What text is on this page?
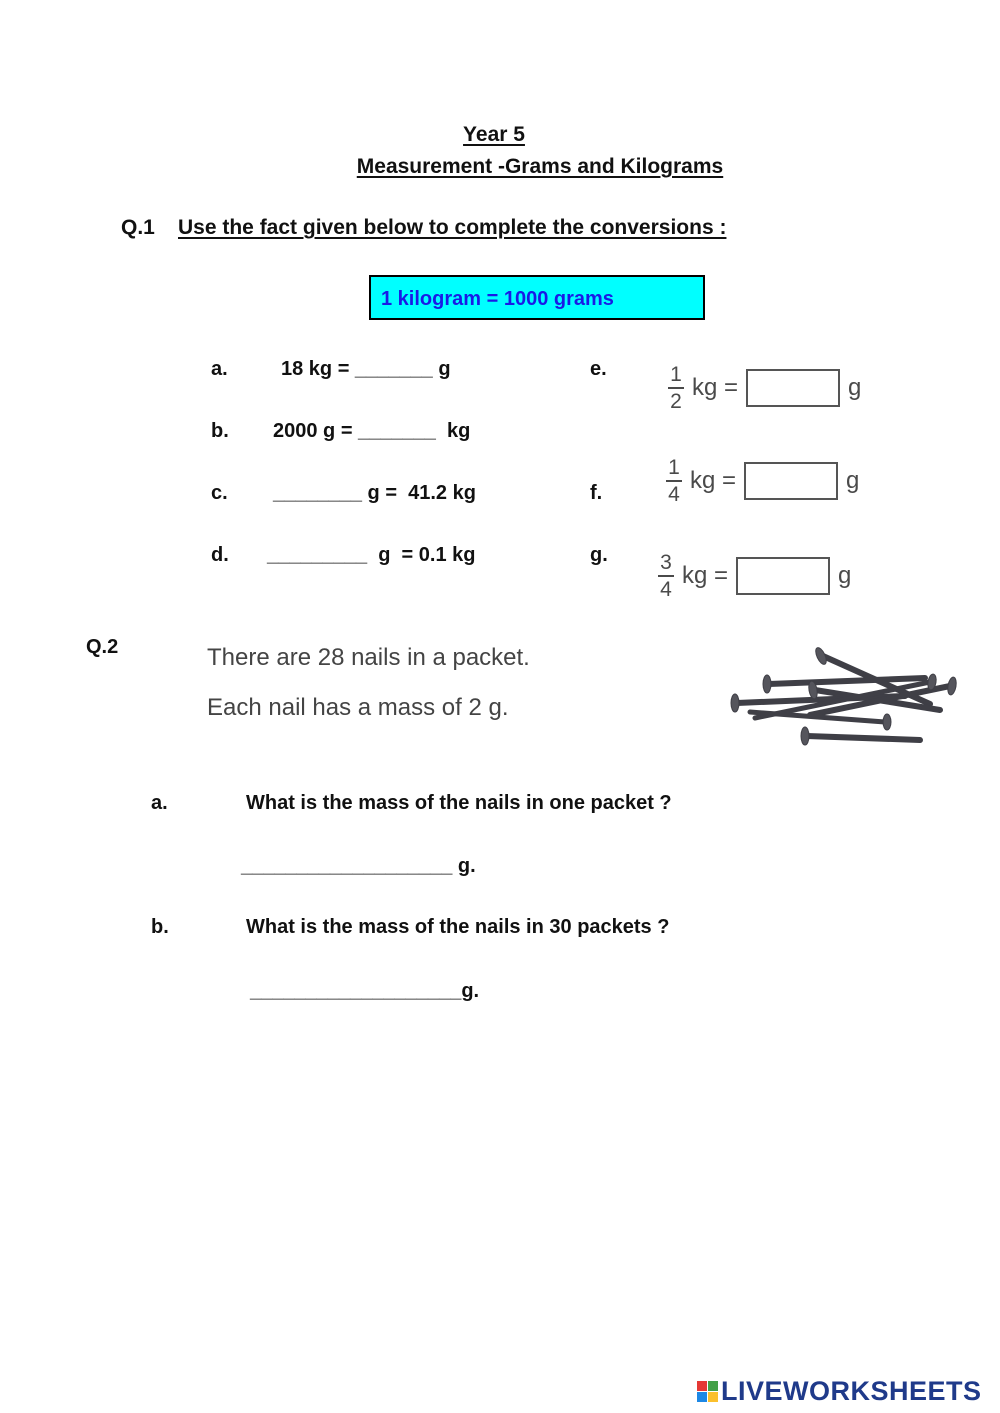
Year 5
Measurement -Grams and Kilograms
Q.1 Use the fact given below to complete the conversions :
1 kilogram = 1000 grams
a.	18 kg = _______ g
b. 2000 g = _______  kg
c. ________ g =  41.2 kg
d. _________  g  = 0.1 kg
e.	$\frac{1}{2}$ kg =	g
f.	$\frac{1}{4}$ kg =	g
g. $\frac{3}{4}$ kg =	g
Q.2	There are 28 nails in a packet.
Each nail has a mass of 2 g.
a.	What is the mass of the nails in one packet ?
___________________ g.
b.	What is the mass of the nails in 30 packets ?
___________________g.
LIVEWORKSHEETS
